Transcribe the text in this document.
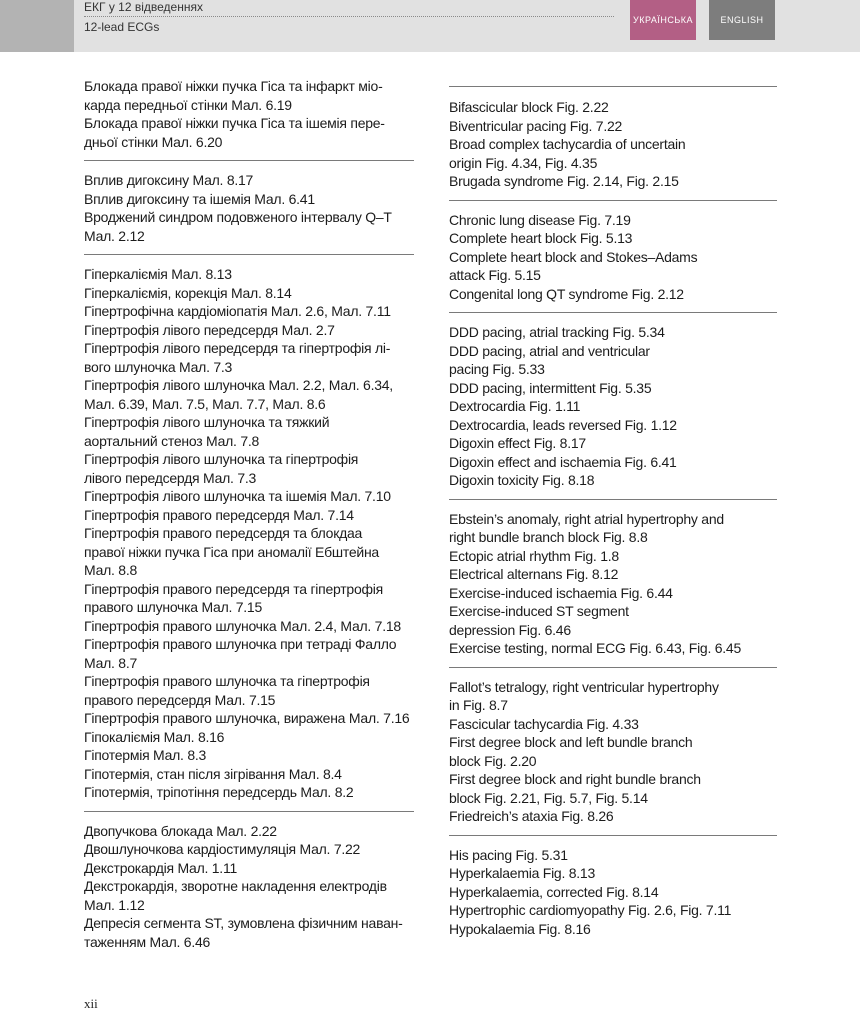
ЕКГ у 12 відведеннях
12-lead ECGs	УКРАЇНСЬКА	ENGLISH
Блокада правої ніжки пучка Гіса та інфаркт міо-
карда передньої стінки Мал. 6.19
Блокада правої ніжки пучка Гіса та ішемія пере-
дньої стінки Мал. 6.20
Вплив дигоксину Мал. 8.17
Вплив дигоксину та ішемія Мал. 6.41
Вроджений синдром подовженого інтервалу Q–T
Мал. 2.12
Гіперкаліємія Мал. 8.13
Гіперкаліємія, корекція Мал. 8.14
Гіпертрофічна кардіоміопатія Мал. 2.6, Мал. 7.11
Гіпертрофія лівого передсердя Мал. 2.7
Гіпертрофія лівого передсердя та гіпертрофія лі-
вого шлуночка Мал. 7.3
Гіпертрофія лівого шлуночка Мал. 2.2, Мал. 6.34,
Мал. 6.39, Мал. 7.5, Мал. 7.7, Мал. 8.6
Гіпертрофія лівого шлуночка та тяжкий
аортальний стеноз Мал. 7.8
Гіпертрофія лівого шлуночка та гіпертрофія
лівого передсердя Мал. 7.3
Гіпертрофія лівого шлуночка та ішемія Мал. 7.10
Гіпертрофія правого передсердя Мал. 7.14
Гіпертрофія правого передсердя та блокдаа
правої ніжки пучка Гіса при аномалії Ебштейна
Мал. 8.8
Гіпертрофія правого передсердя та гіпертрофія
правого шлуночка Мал. 7.15
Гіпертрофія правого шлуночка Мал. 2.4, Мал. 7.18
Гіпертрофія правого шлуночка при тетраді Фалло
Мал. 8.7
Гіпертрофія правого шлуночка та гіпертрофія
правого передсердя Мал. 7.15
Гіпертрофія правого шлуночка, виражена Мал. 7.16
Гіпокаліємія Мал. 8.16
Гіпотермія Мал. 8.3
Гіпотермія, стан після зігрівання Мал. 8.4
Гіпотермія, тріпотіння передсердь Мал. 8.2
Двопучкова блокада Мал. 2.22
Двошлуночкова кардіостимуляція Мал. 7.22
Декстрокардія Мал. 1.11
Декстрокардія, зворотне накладення електродів
Мал. 1.12
Депресія сегмента ST, зумовлена фізичним наван-
таженням Мал. 6.46
Bifascicular block Fig. 2.22
Biventricular pacing Fig. 7.22
Broad complex tachycardia of uncertain
origin Fig. 4.34, Fig. 4.35
Brugada syndrome Fig. 2.14, Fig. 2.15
Chronic lung disease Fig. 7.19
Complete heart block Fig. 5.13
Complete heart block and Stokes–Adams
attack Fig. 5.15
Congenital long QT syndrome Fig. 2.12
DDD pacing, atrial tracking Fig. 5.34
DDD pacing, atrial and ventricular
pacing Fig. 5.33
DDD pacing, intermittent Fig. 5.35
Dextrocardia Fig. 1.11
Dextrocardia, leads reversed Fig. 1.12
Digoxin effect Fig. 8.17
Digoxin effect and ischaemia Fig. 6.41
Digoxin toxicity Fig. 8.18
Ebstein’s anomaly, right atrial hypertrophy and
right bundle branch block Fig. 8.8
Ectopic atrial rhythm Fig. 1.8
Electrical alternans Fig. 8.12
Exercise-induced ischaemia Fig. 6.44
Exercise-induced ST segment
depression Fig. 6.46
Exercise testing, normal ECG Fig. 6.43, Fig. 6.45
Fallot’s tetralogy, right ventricular hypertrophy
in Fig. 8.7
Fascicular tachycardia Fig. 4.33
First degree block and left bundle branch
block Fig. 2.20
First degree block and right bundle branch
block Fig. 2.21, Fig. 5.7, Fig. 5.14
Friedreich’s ataxia Fig. 8.26
His pacing Fig. 5.31
Hyperkalaemia Fig. 8.13
Hyperkalaemia, corrected Fig. 8.14
Hypertrophic cardiomyopathy Fig. 2.6, Fig. 7.11
Hypokalaemia Fig. 8.16
xii
